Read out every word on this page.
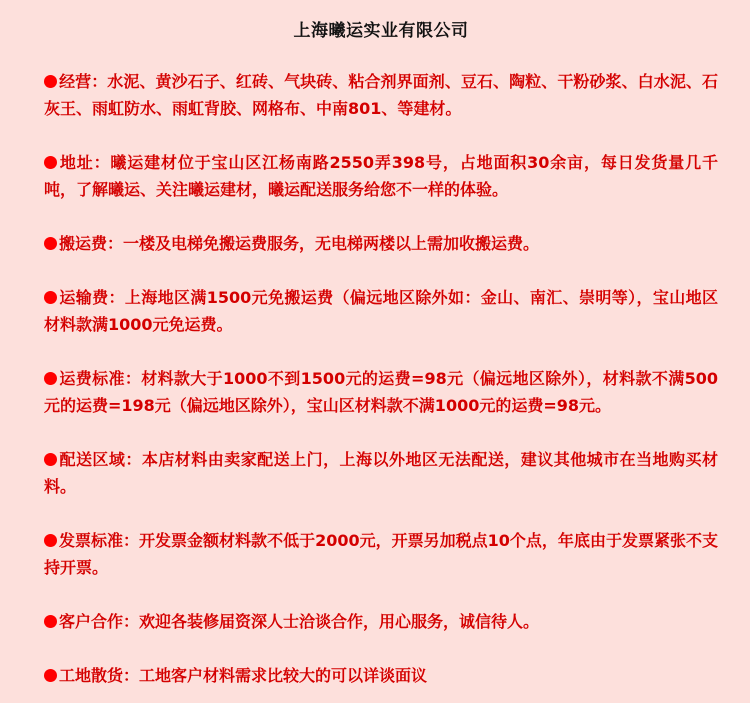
上海曦运实业有限公司
经营：水泥、黄沙石子、红砖、气块砖、粘合剂界面剂、豆石、陶粒、干粉砂浆、白水泥、石灰王、雨虹防水、雨虹背胶、网格布、中南801、等建材。
地址：曦运建材位于宝山区江杨南路2550弄398号，占地面积30余亩，每日发货量几千吨，了解曦运、关注曦运建材，曦运配送服务给您不一样的体验。
搬运费：一楼及电梯免搬运费服务，无电梯两楼以上需加收搬运费。
运输费：上海地区满1500元免搬运费（偏远地区除外如：金山、南汇、崇明等），宝山地区材料款满1000元免运费。
运费标准：材料款大于1000不到1500元的运费=98元（偏远地区除外），材料款不满500元的运费=198元（偏远地区除外），宝山区材料款不满1000元的运费=98元。
配送区域：本店材料由卖家配送上门，上海以外地区无法配送，建议其他城市在当地购买材料。
发票标准：开发票金额材料款不低于2000元，开票另加税点10个点，年底由于发票紧张不支持开票。
客户合作：欢迎各装修届资深人士洽谈合作，用心服务，诚信待人。
工地散货：工地客户材料需求比较大的可以详谈面议
